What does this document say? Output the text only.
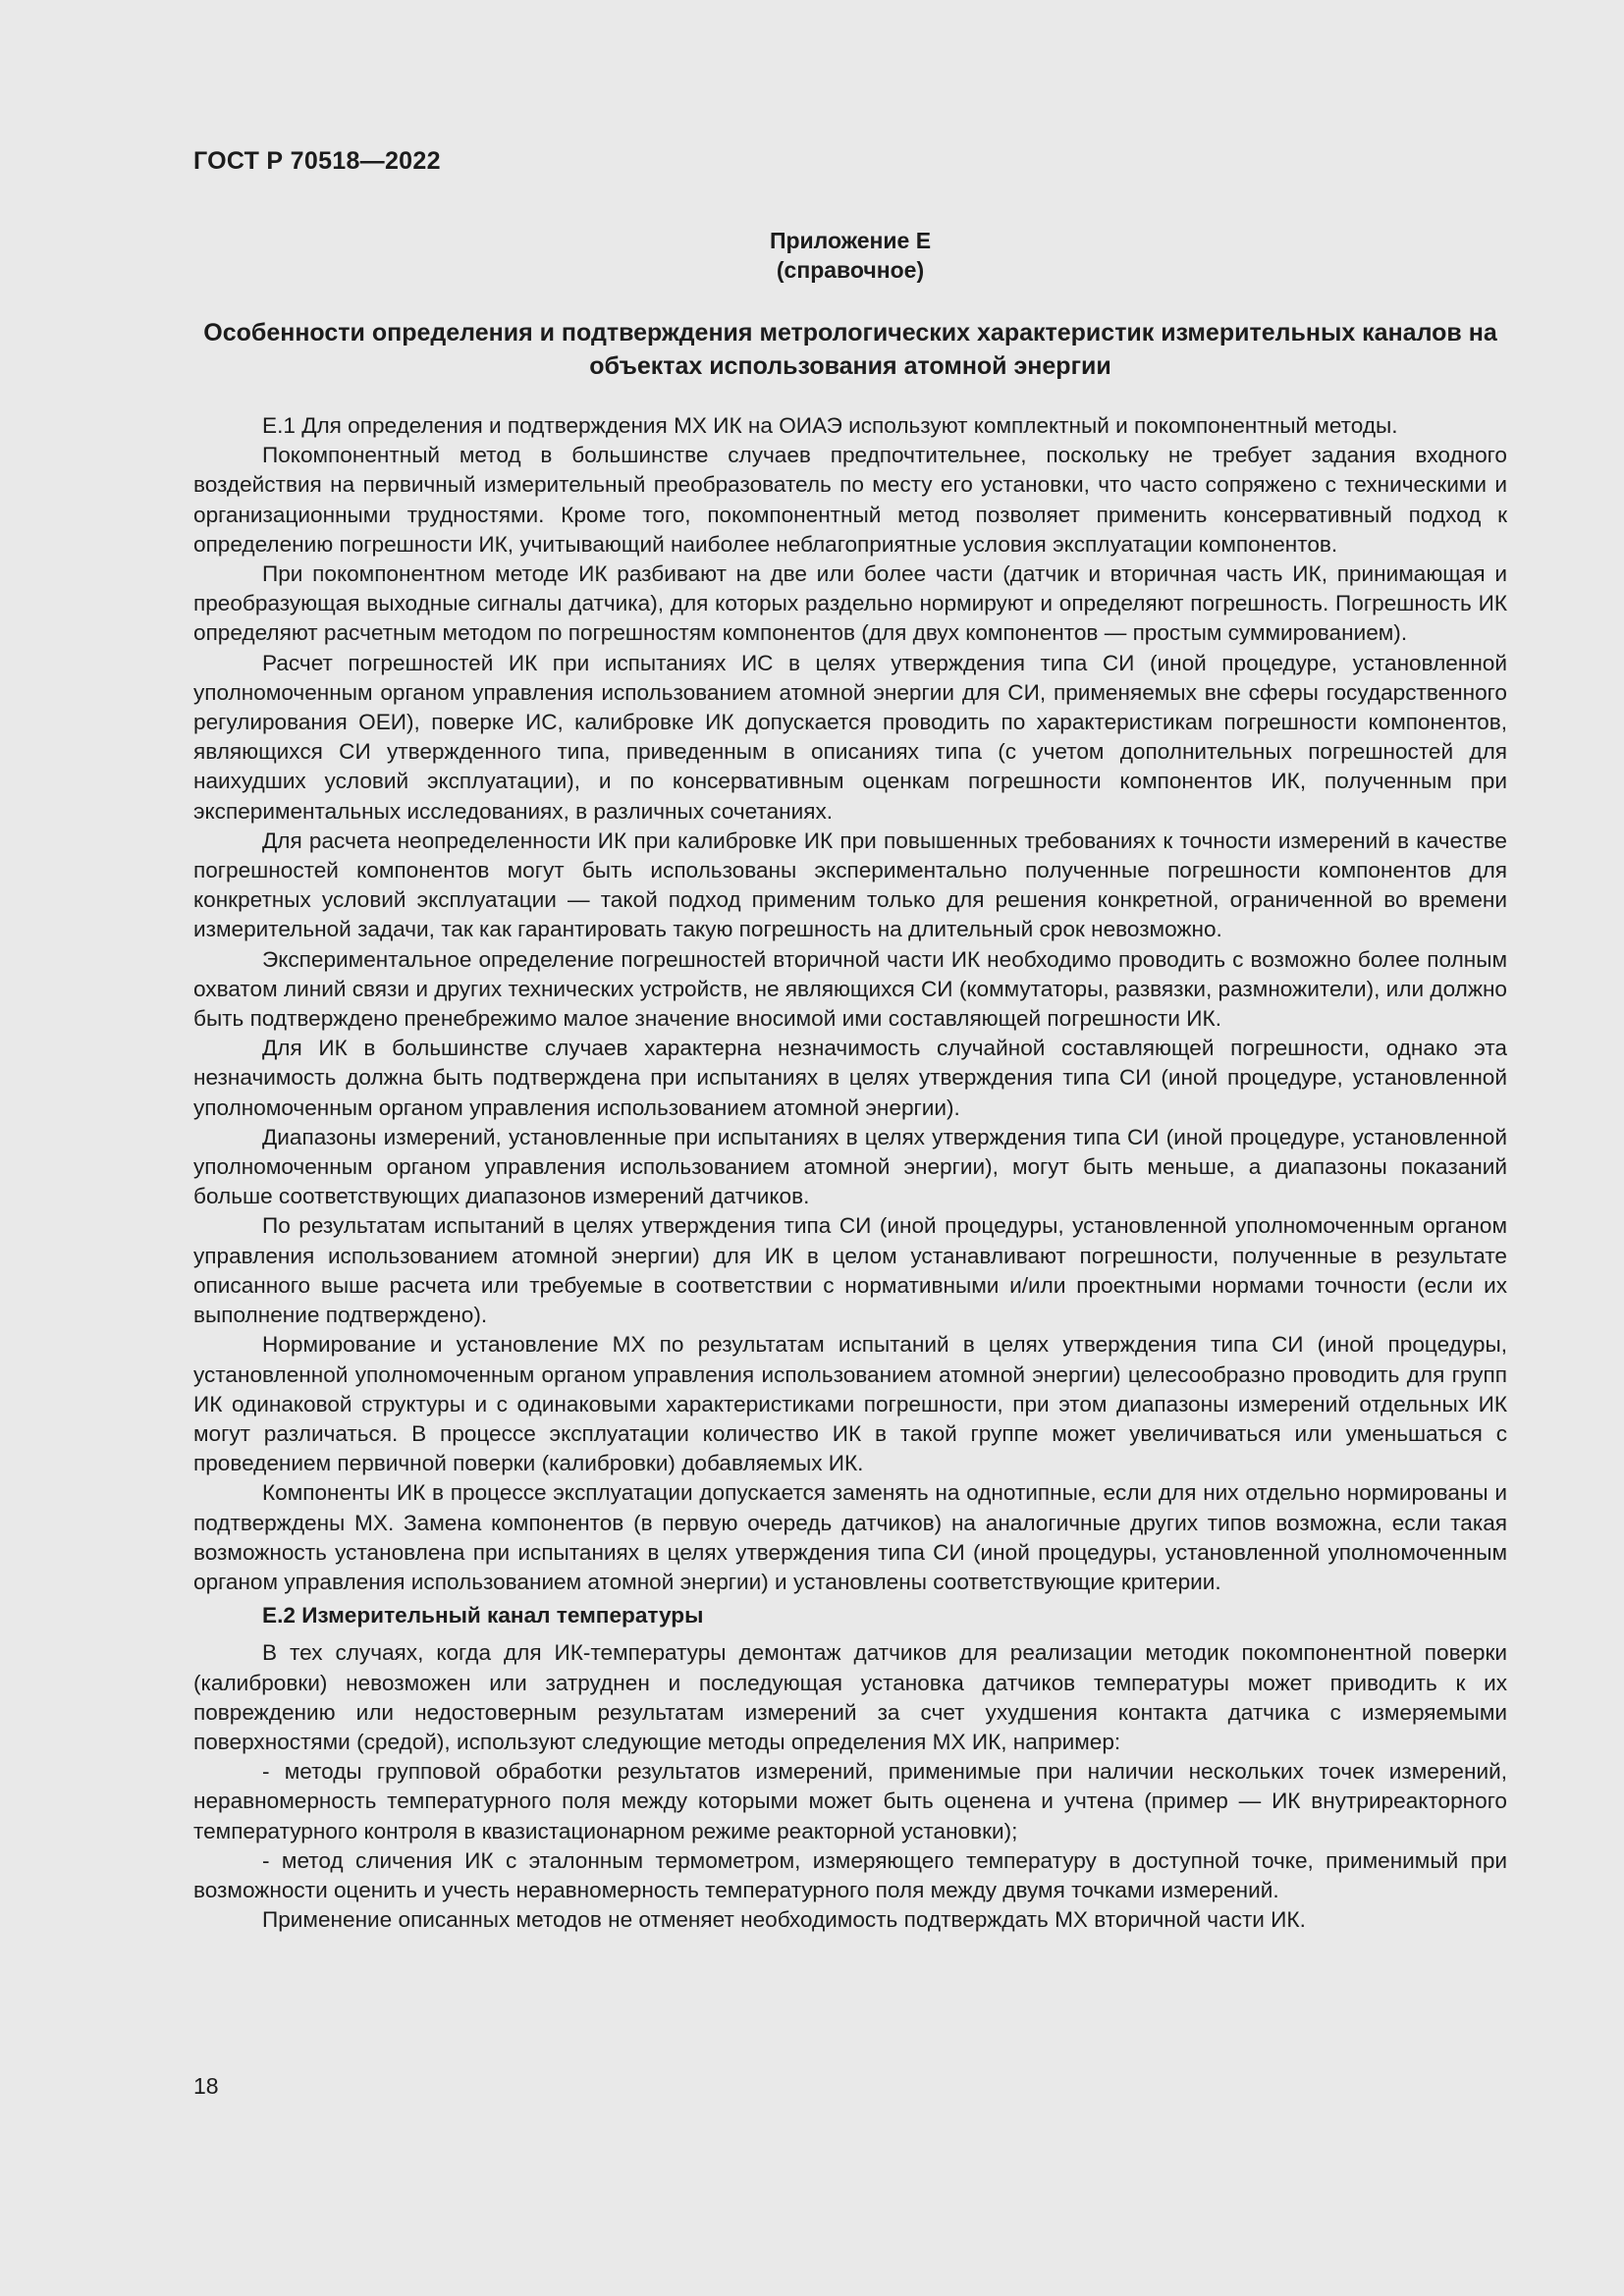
ГОСТ Р 70518—2022
Приложение Е
(справочное)
Особенности определения и подтверждения метрологических характеристик измерительных каналов на объектах использования атомной энергии

Е.1 Для определения и подтверждения МХ ИК на ОИАЭ используют комплектный и покомпонентный методы.

Покомпонентный метод в большинстве случаев предпочтительнее, поскольку не требует задания входного воздействия на первичный измерительный преобразователь по месту его установки, что часто сопряжено с техническими и организационными трудностями. Кроме того, покомпонентный метод позволяет применить консервативный подход к определению погрешности ИК, учитывающий наиболее неблагоприятные условия эксплуатации компонентов.

При покомпонентном методе ИК разбивают на две или более части (датчик и вторичная часть ИК, принимающая и преобразующая выходные сигналы датчика), для которых раздельно нормируют и определяют погрешность. Погрешность ИК определяют расчетным методом по погрешностям компонентов (для двух компонентов — простым суммированием).

Расчет погрешностей ИК при испытаниях ИС в целях утверждения типа СИ (иной процедуре, установленной уполномоченным органом управления использованием атомной энергии для СИ, применяемых вне сферы государственного регулирования ОЕИ), поверке ИС, калибровке ИК допускается проводить по характеристикам погрешности компонентов, являющихся СИ утвержденного типа, приведенным в описаниях типа (с учетом дополнительных погрешностей для наихудших условий эксплуатации), и по консервативным оценкам погрешности компонентов ИК, полученным при экспериментальных исследованиях, в различных сочетаниях.

Для расчета неопределенности ИК при калибровке ИК при повышенных требованиях к точности измерений в качестве погрешностей компонентов могут быть использованы экспериментально полученные погрешности компонентов для конкретных условий эксплуатации — такой подход применим только для решения конкретной, ограниченной во времени измерительной задачи, так как гарантировать такую погрешность на длительный срок невозможно.

Экспериментальное определение погрешностей вторичной части ИК необходимо проводить с возможно более полным охватом линий связи и других технических устройств, не являющихся СИ (коммутаторы, развязки, размножители), или должно быть подтверждено пренебрежимо малое значение вносимой ими составляющей погрешности ИК.

Для ИК в большинстве случаев характерна незначимость случайной составляющей погрешности, однако эта незначимость должна быть подтверждена при испытаниях в целях утверждения типа СИ (иной процедуре, установленной уполномоченным органом управления использованием атомной энергии).

Диапазоны измерений, установленные при испытаниях в целях утверждения типа СИ (иной процедуре, установленной уполномоченным органом управления использованием атомной энергии), могут быть меньше, а диапазоны показаний больше соответствующих диапазонов измерений датчиков.

По результатам испытаний в целях утверждения типа СИ (иной процедуры, установленной уполномоченным органом управления использованием атомной энергии) для ИК в целом устанавливают погрешности, полученные в результате описанного выше расчета или требуемые в соответствии с нормативными и/или проектными нормами точности (если их выполнение подтверждено).

Нормирование и установление МХ по результатам испытаний в целях утверждения типа СИ (иной процедуры, установленной уполномоченным органом управления использованием атомной энергии) целесообразно проводить для групп ИК одинаковой структуры и с одинаковыми характеристиками погрешности, при этом диапазоны измерений отдельных ИК могут различаться. В процессе эксплуатации количество ИК в такой группе может увеличиваться или уменьшаться с проведением первичной поверки (калибровки) добавляемых ИК.

Компоненты ИК в процессе эксплуатации допускается заменять на однотипные, если для них отдельно нормированы и подтверждены МХ. Замена компонентов (в первую очередь датчиков) на аналогичные других типов возможна, если такая возможность установлена при испытаниях в целях утверждения типа СИ (иной процедуры, установленной уполномоченным органом управления использованием атомной энергии) и установлены соответствующие критерии.

Е.2 Измерительный канал температуры

В тех случаях, когда для ИК-температуры демонтаж датчиков для реализации методик покомпонентной поверки (калибровки) невозможен или затруднен и последующая установка датчиков температуры может приводить к их повреждению или недостоверным результатам измерений за счет ухудшения контакта датчика с измеряемыми поверхностями (средой), используют следующие методы определения МХ ИК, например:

- методы групповой обработки результатов измерений, применимые при наличии нескольких точек измерений, неравномерность температурного поля между которыми может быть оценена и учтена (пример — ИК внутриреакторного температурного контроля в квазистационарном режиме реакторной установки);

- метод сличения ИК с эталонным термометром, измеряющего температуру в доступной точке, применимый при возможности оценить и учесть неравномерность температурного поля между двумя точками измерений.

Применение описанных методов не отменяет необходимость подтверждать МХ вторичной части ИК.

18
